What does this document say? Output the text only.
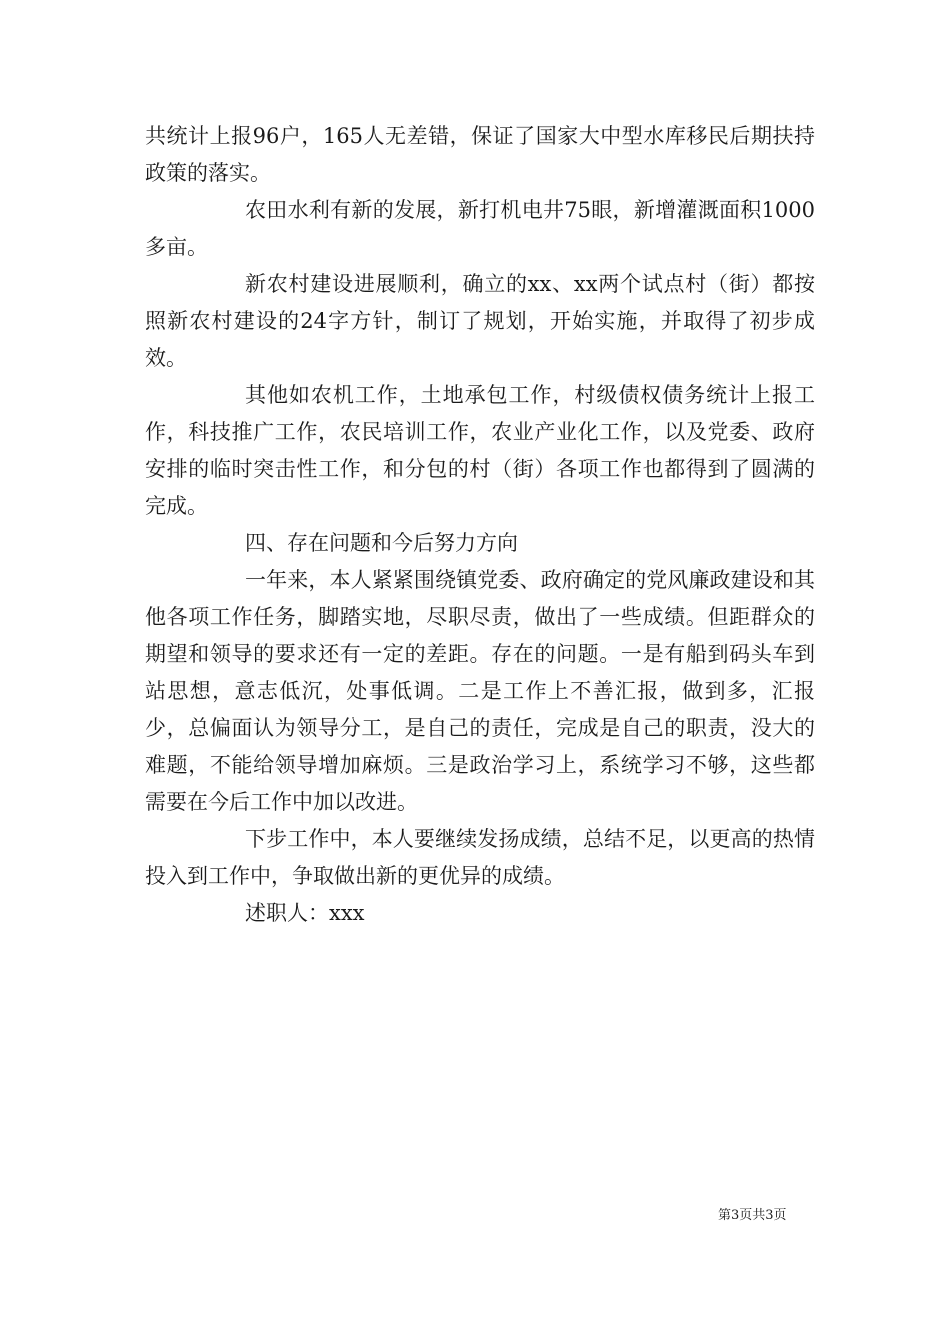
共统计上报96户，165人无差错，保证了国家大中型水库移民后期扶持政策的落实。

农田水利有新的发展，新打机电井75眼，新增灌溉面积1000多亩。

新农村建设进展顺利，确立的xx、xx两个试点村（街）都按照新农村建设的24字方针，制订了规划，开始实施，并取得了初步成效。

其他如农机工作，土地承包工作，村级债权债务统计上报工作，科技推广工作，农民培训工作，农业产业化工作，以及党委、政府安排的临时突击性工作，和分包的村（街）各项工作也都得到了圆满的完成。

四、存在问题和今后努力方向

一年来，本人紧紧围绕镇党委、政府确定的党风廉政建设和其他各项工作任务，脚踏实地，尽职尽责，做出了一些成绩。但距群众的期望和领导的要求还有一定的差距。存在的问题。一是有船到码头车到站思想，意志低沉，处事低调。二是工作上不善汇报，做到多，汇报少，总偏面认为领导分工，是自己的责任，完成是自己的职责，没大的难题，不能给领导增加麻烦。三是政治学习上，系统学习不够，这些都需要在今后工作中加以改进。

下步工作中，本人要继续发扬成绩，总结不足，以更高的热情投入到工作中，争取做出新的更优异的成绩。

述职人：xxx

第3页共3页
